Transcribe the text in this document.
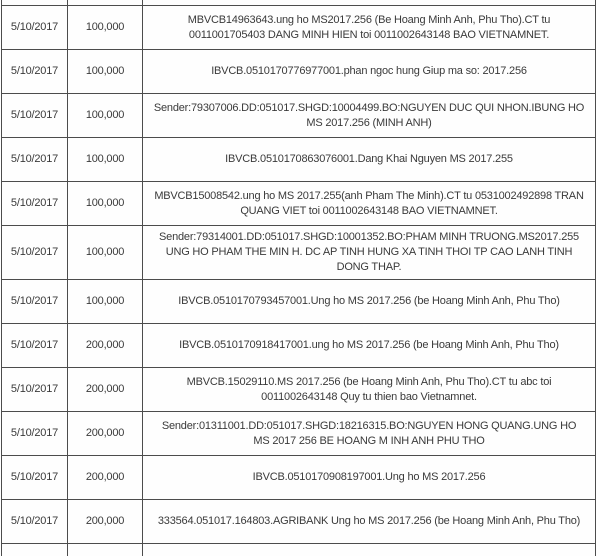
5/10/2017	100,000	MBVCB14963643.ung ho MS2017.256 (Be Hoang Minh Anh, Phu Tho).CT tu 0011001705403 DANG MINH HIEN toi 0011002643148 BAO VIETNAMNET.
5/10/2017	100,000	IBVCB.0510170776977001.phan ngoc hung Giup ma so: 2017.256
5/10/2017	100,000	Sender:79307006.DD:051017.SHGD:10004499.BO:NGUYEN DUC QUI NHON.IBUNG HO MS 2017.256 (MINH ANH)
5/10/2017	100,000	IBVCB.0510170863076001.Dang Khai Nguyen MS 2017.255
5/10/2017	100,000	MBVCB15008542.ung ho MS 2017.255(anh Pham The Minh).CT tu 0531002492898 TRAN QUANG VIET toi 0011002643148 BAO VIETNAMNET.
5/10/2017	100,000	Sender:79314001.DD:051017.SHGD:10001352.BO:PHAM MINH TRUONG.MS2017.255 UNG HO PHAM THE MIN H. DC AP TINH HUNG XA TINH THOI TP CAO LANH TINH DONG THAP.
5/10/2017	100,000	IBVCB.0510170793457001.Ung ho MS 2017.256 (be Hoang Minh Anh, Phu Tho)
5/10/2017	200,000	IBVCB.0510170918417001.ung ho MS 2017.256 (be Hoang Minh Anh, Phu Tho)
5/10/2017	200,000	MBVCB.15029110.MS 2017.256 (be Hoang Minh Anh, Phu Tho).CT tu abc toi 0011002643148 Quy tu thien bao Vietnamnet.
5/10/2017	200,000	Sender:01311001.DD:051017.SHGD:18216315.BO:NGUYEN HONG QUANG.UNG HO MS 2017 256 BE HOANG M INH ANH PHU THO
5/10/2017	200,000	IBVCB.0510170908197001.Ung ho MS 2017.256
5/10/2017	200,000	333564.051017.164803.AGRIBANK Ung ho MS 2017.256 (be Hoang Minh Anh, Phu Tho)
